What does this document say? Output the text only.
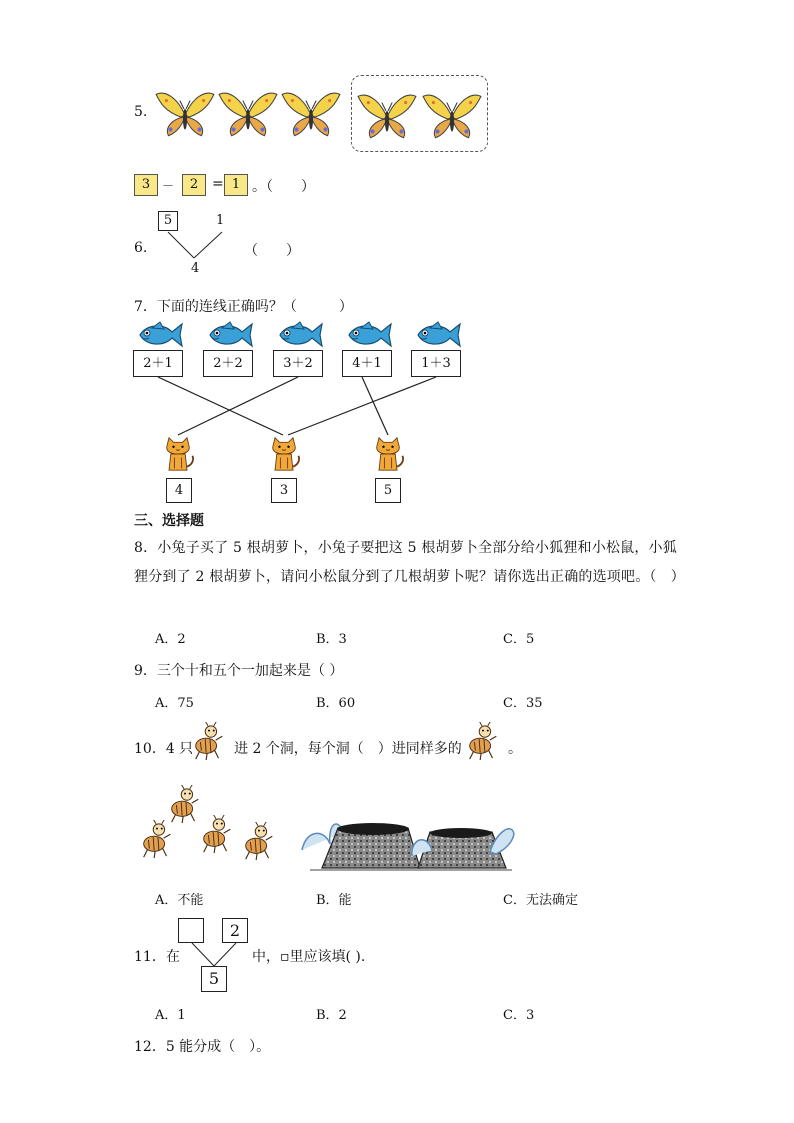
5.
3 －	2 = 1 。（　　）
5	1
6.
4
（　　）
7．下面的连线正确吗？（　　　）
2＋1	2＋2	3＋2	4＋1	1＋3
4	3	5
三、选择题
8．小兔子买了 5 根胡萝卜，小兔子要把这 5 根胡萝卜全部分给小狐狸和小松鼠，小狐
狸分到了 2 根胡萝卜，请问小松鼠分到了几根胡萝卜呢？请你选出正确的选项吧。（　）
A．2	B．3	C．5
9．三个十和五个一加起来是（ ）
A．75	B．60	C．35
10．4 只	进 2 个洞，每个洞（　）进同样多的	。
A．不能	B．能	C．无法确定
2
11．在
5
中，▫里应该填( ).
A．1	B．2	C．3
12．5 能分成（　）。
